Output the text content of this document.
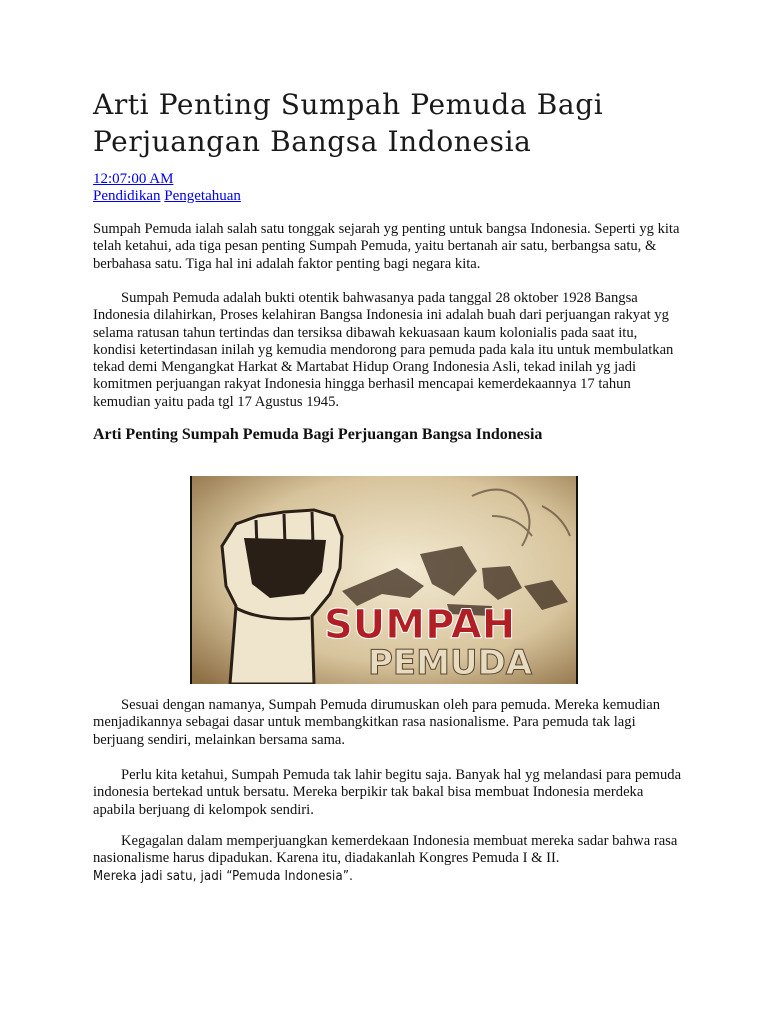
Arti Penting Sumpah Pemuda Bagi Perjuangan Bangsa Indonesia
12:07:00 AM
Pendidikan Pengetahuan

Sumpah Pemuda ialah salah satu tonggak sejarah yg penting untuk bangsa Indonesia. Seperti yg kita telah ketahui, ada tiga pesan penting Sumpah Pemuda, yaitu bertanah air satu, berbangsa satu, & berbahasa satu. Tiga hal ini adalah faktor penting bagi negara kita.

Sumpah Pemuda adalah bukti otentik bahwasanya pada tanggal 28 oktober 1928 Bangsa Indonesia dilahirkan, Proses kelahiran Bangsa Indonesia ini adalah buah dari perjuangan rakyat yg selama ratusan tahun tertindas dan tersiksa dibawah kekuasaan kaum kolonialis pada saat itu, kondisi ketertindasan inilah yg kemudia mendorong para pemuda pada kala itu untuk membulatkan tekad demi Mengangkat Harkat & Martabat Hidup Orang Indonesia Asli, tekad inilah yg jadi komitmen perjuangan rakyat Indonesia hingga berhasil mencapai kemerdekaannya 17 tahun kemudian yaitu pada tgl 17 Agustus 1945.

Arti Penting Sumpah Pemuda Bagi Perjuangan Bangsa Indonesia
SUMPAH
PEMUDA

Sesuai dengan namanya, Sumpah Pemuda dirumuskan oleh para pemuda. Mereka kemudian menjadikannya sebagai dasar untuk membangkitkan rasa nasionalisme. Para pemuda tak lagi berjuang sendiri, melainkan bersama sama.

Perlu kita ketahui, Sumpah Pemuda tak lahir begitu saja. Banyak hal yg melandasi para pemuda indonesia bertekad untuk bersatu. Mereka berpikir tak bakal bisa membuat Indonesia merdeka apabila berjuang di kelompok sendiri.

Kegagalan dalam memperjuangkan kemerdekaan Indonesia membuat mereka sadar bahwa rasa nasionalisme harus dipadukan. Karena itu, diadakanlah Kongres Pemuda I & II.

Mereka jadi satu, jadi “Pemuda Indonesia”.
